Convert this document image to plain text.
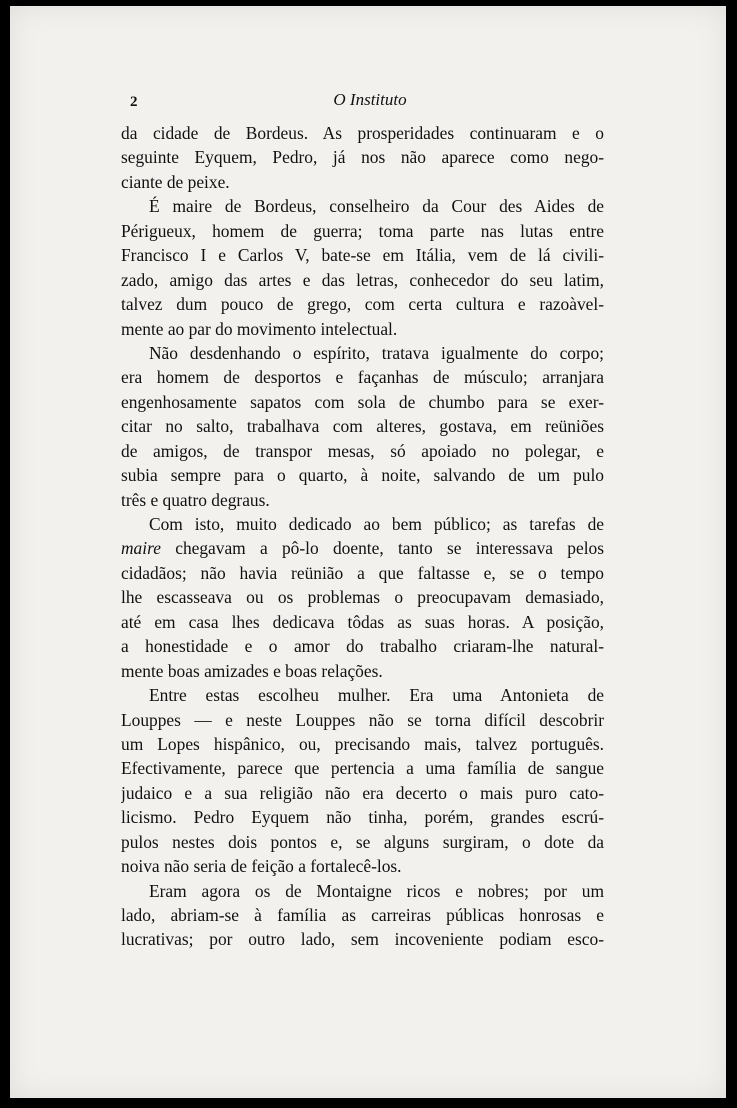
2	O Instituto
da cidade de Bordeus. As prosperidades continuaram e o
seguinte Eyquem, Pedro, já nos não aparece como nego-
ciante de peixe.
É maire de Bordeus, conselheiro da Cour des Aides de
Périgueux, homem de guerra; toma parte nas lutas entre
Francisco I e Carlos V, bate-se em Itália, vem de lá civili-
zado, amigo das artes e das letras, conhecedor do seu latim,
talvez dum pouco de grego, com certa cultura e razoàvel-
mente ao par do movimento intelectual.
Não desdenhando o espírito, tratava igualmente do corpo;
era homem de desportos e façanhas de músculo; arranjara
engenhosamente sapatos com sola de chumbo para se exer-
citar no salto, trabalhava com alteres, gostava, em reüniões
de amigos, de transpor mesas, só apoiado no polegar, e
subia sempre para o quarto, à noite, salvando de um pulo
três e quatro degraus.
Com isto, muito dedicado ao bem público; as tarefas de
maire chegavam a pô-lo doente, tanto se interessava pelos
cidadãos; não havia reünião a que faltasse e, se o tempo
lhe escasseava ou os problemas o preocupavam demasiado,
até em casa lhes dedicava tôdas as suas horas. A posição,
a honestidade e o amor do trabalho criaram-lhe natural-
mente boas amizades e boas relações.
Entre estas escolheu mulher. Era uma Antonieta de
Louppes — e neste Louppes não se torna difícil descobrir
um Lopes hispânico, ou, precisando mais, talvez português.
Efectivamente, parece que pertencia a uma família de sangue
judaico e a sua religião não era decerto o mais puro cato-
licismo. Pedro Eyquem não tinha, porém, grandes escrú-
pulos nestes dois pontos e, se alguns surgiram, o dote da
noiva não seria de feição a fortalecê-los.
Eram agora os de Montaigne ricos e nobres; por um
lado, abriam-se à família as carreiras públicas honrosas e
lucrativas; por outro lado, sem incoveniente podiam esco-
